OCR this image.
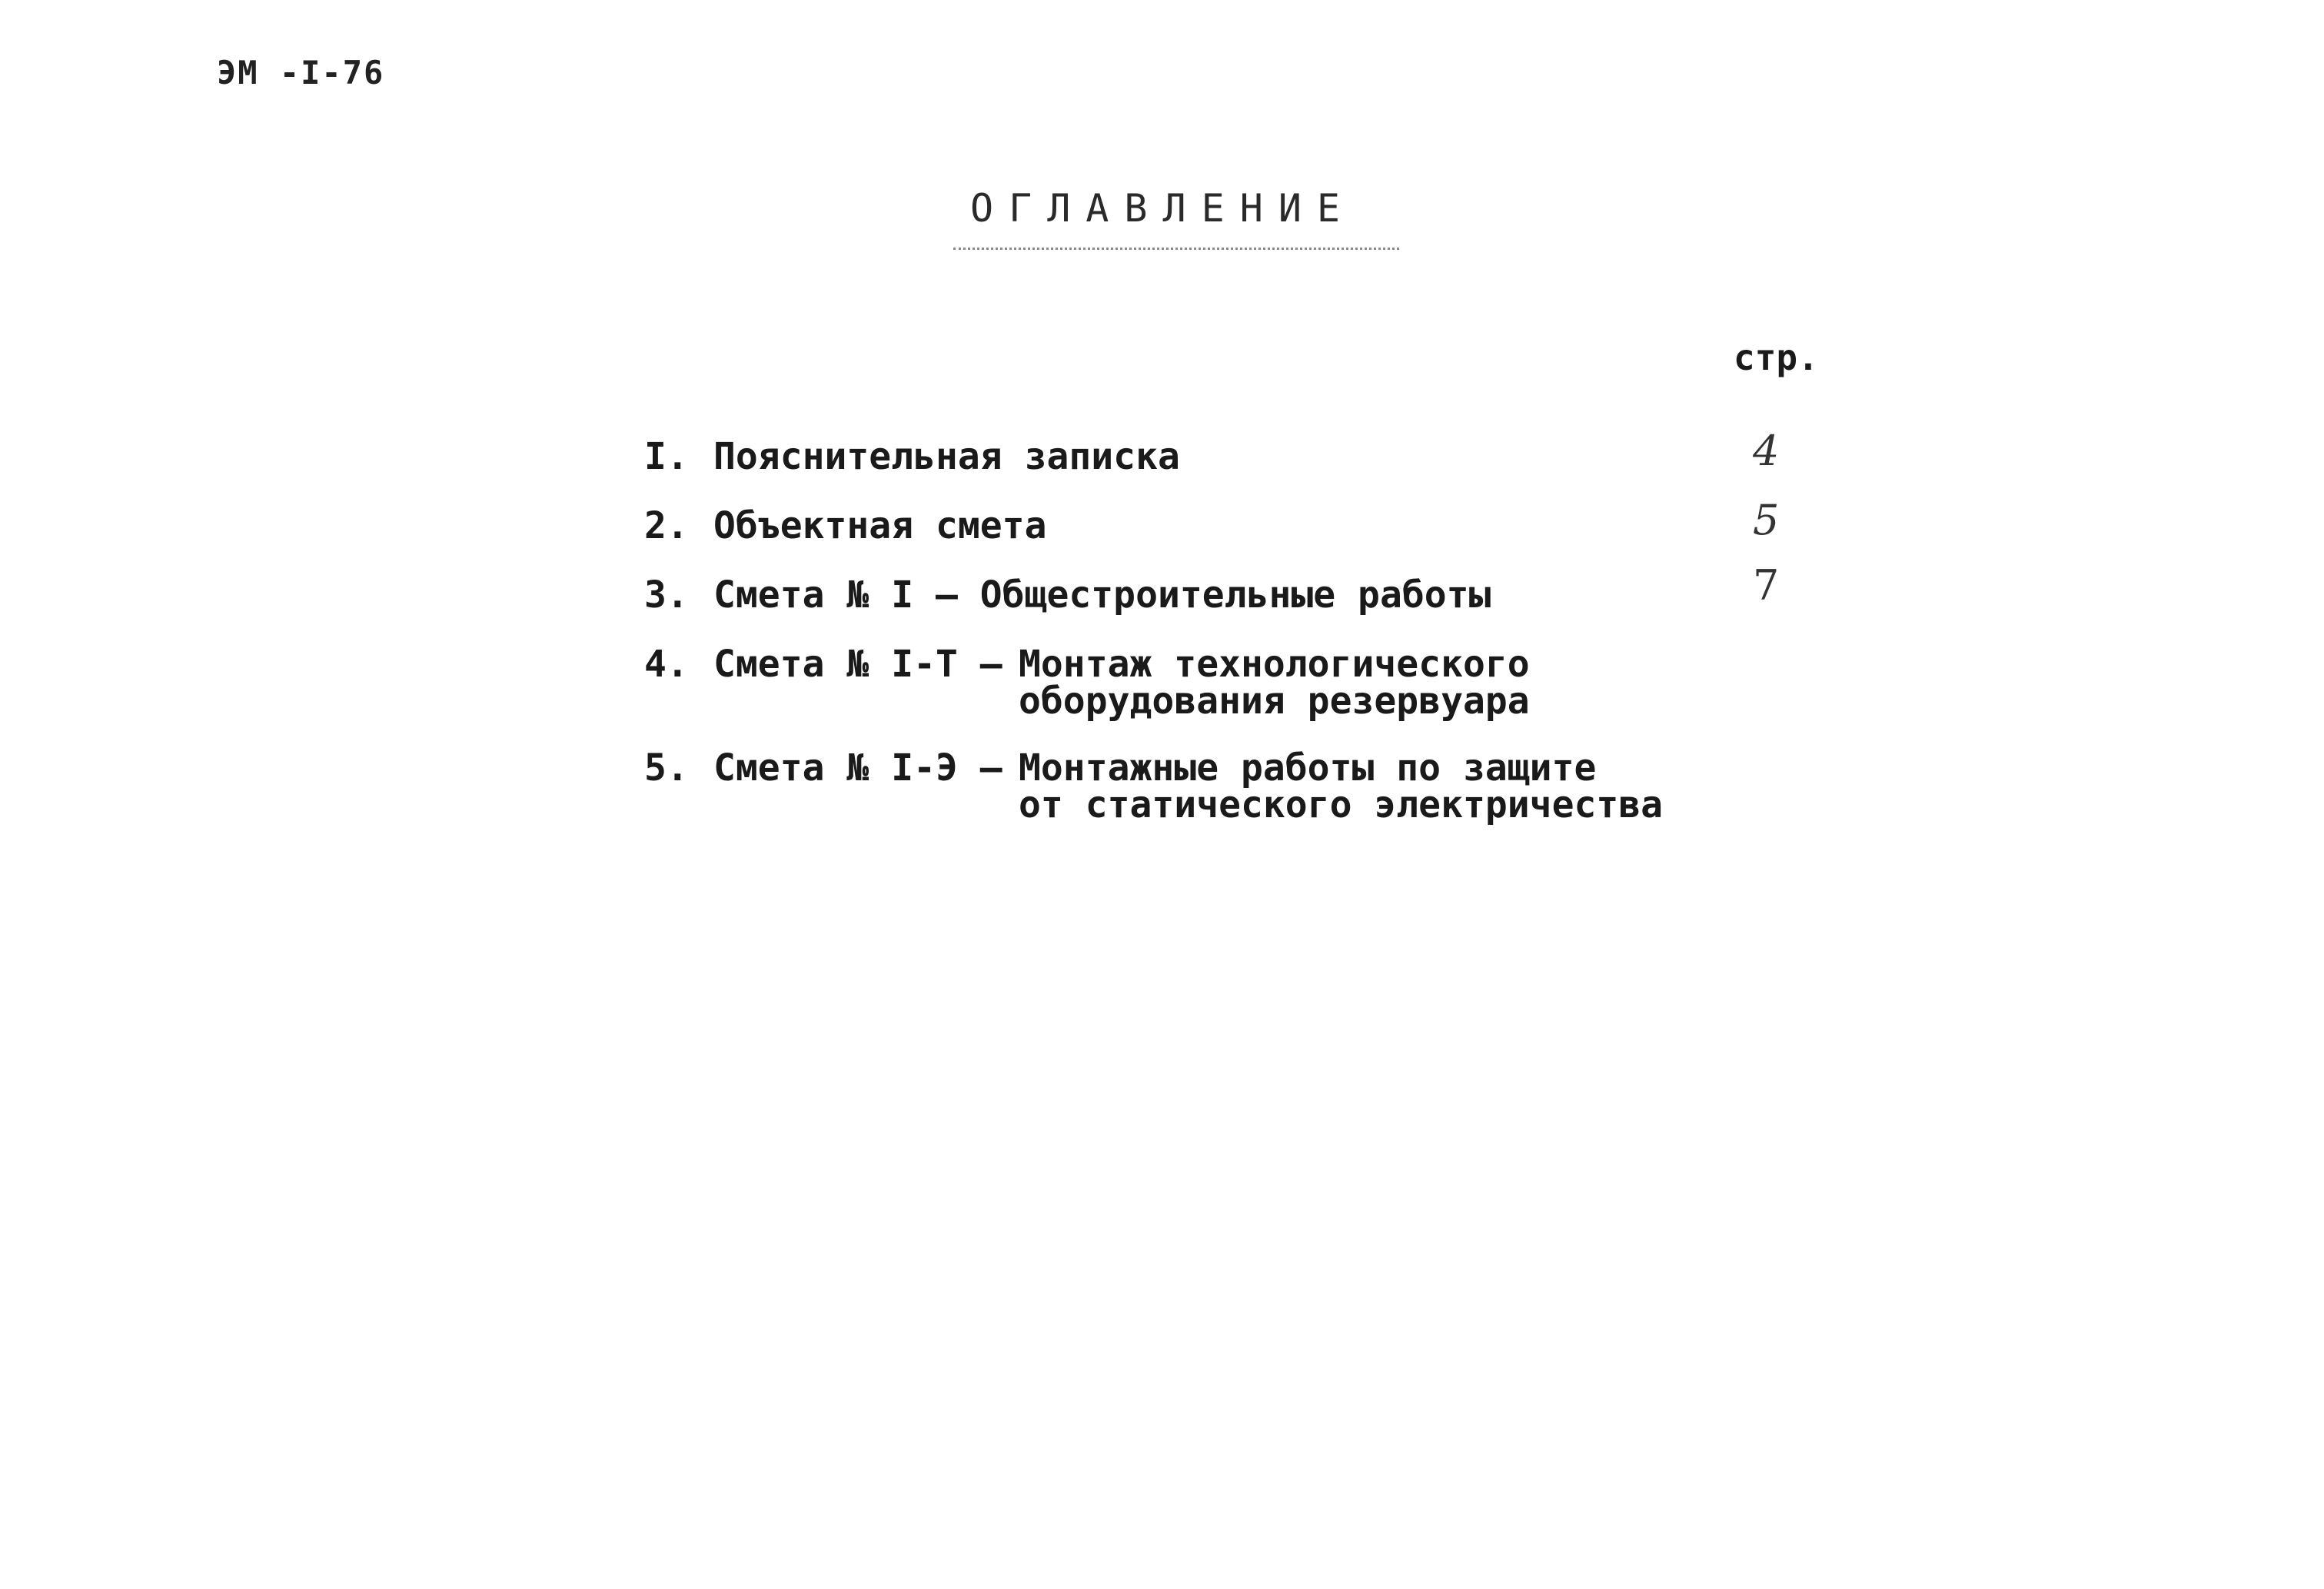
ЭМ -I-76
ОГЛАВЛЕНИЕ
стр.
I. Пояснительная записка	4
2. Объектная смета	5
3. Смета № I – Общестроительные работы	7
4. Смета № I-Т –
Монтаж технологического
оборудования резервуара
5. Смета № I-Э –
Монтажные работы по защите
от статического электричества
